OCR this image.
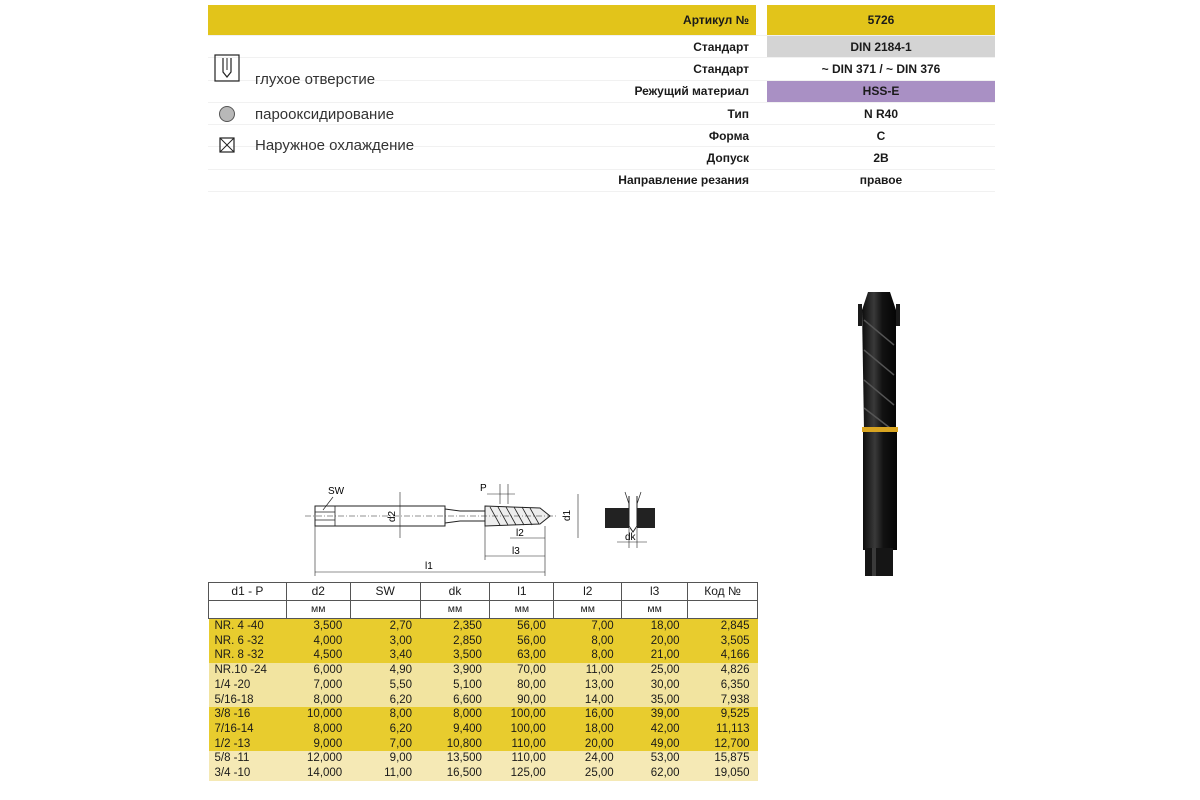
Артикул №	5726
Стандарт	DIN 2184-1
Стандарт	~ DIN 371 / ~ DIN 376
Режущий материал	HSS-E
Тип	N R40
Форма	C
Допуск	2B
Направление резания	правое
глухое отверстие
парооксидирование
Наружное охлаждение
SW
d2
P
d1
l2
l3
l1
dk
d1 - P	d2	SW	dk	l1	l2	l3	Код №
	мм		мм	мм	мм	мм	
NR. 4 -40	3,500	2,70	2,350	56,00	7,00	18,00	2,845
NR. 6 -32	4,000	3,00	2,850	56,00	8,00	20,00	3,505
NR. 8 -32	4,500	3,40	3,500	63,00	8,00	21,00	4,166
NR.10 -24	6,000	4,90	3,900	70,00	11,00	25,00	4,826
1/4 -20	7,000	5,50	5,100	80,00	13,00	30,00	6,350
5/16-18	8,000	6,20	6,600	90,00	14,00	35,00	7,938
3/8 -16	10,000	8,00	8,000	100,00	16,00	39,00	9,525
7/16-14	8,000	6,20	9,400	100,00	18,00	42,00	11,113
1/2 -13	9,000	7,00	10,800	110,00	20,00	49,00	12,700
5/8 -11	12,000	9,00	13,500	110,00	24,00	53,00	15,875
3/4 -10	14,000	11,00	16,500	125,00	25,00	62,00	19,050
